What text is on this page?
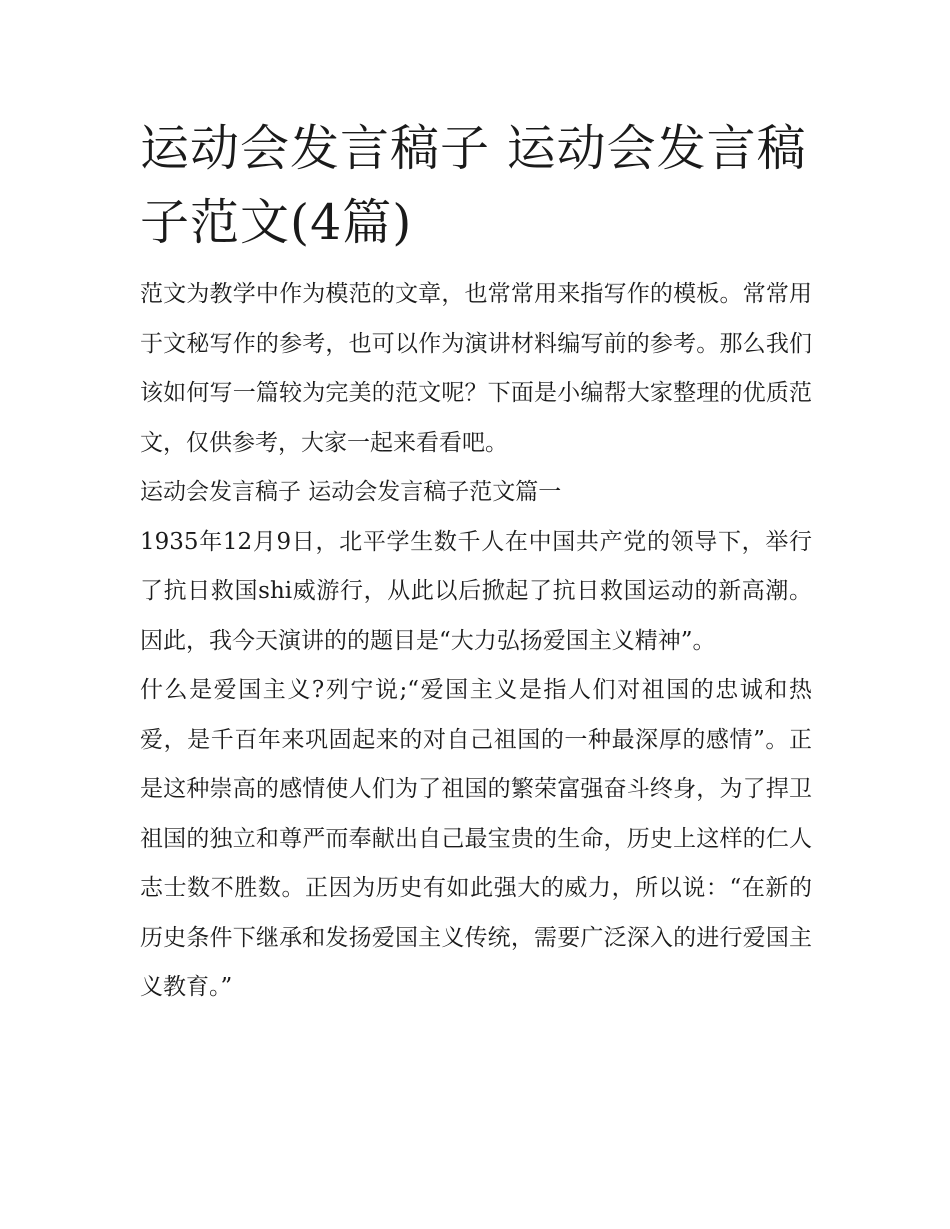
运动会发言稿子 运动会发言稿子范文(4篇)

范文为教学中作为模范的文章，也常常用来指写作的模板。常常用于文秘写作的参考，也可以作为演讲材料编写前的参考。那么我们该如何写一篇较为完美的范文呢？下面是小编帮大家整理的优质范文，仅供参考，大家一起来看看吧。

运动会发言稿子 运动会发言稿子范文篇一

1935年12月9日，北平学生数千人在中国共产党的领导下，举行了抗日救国shi威游行，从此以后掀起了抗日救国运动的新高潮。因此，我今天演讲的的题目是“大力弘扬爱国主义精神”。

什么是爱国主义?列宁说;“爱国主义是指人们对祖国的忠诚和热爱，是千百年来巩固起来的对自己祖国的一种最深厚的感情”。正是这种崇高的感情使人们为了祖国的繁荣富强奋斗终身，为了捍卫祖国的独立和尊严而奉献出自己最宝贵的生命，历史上这样的仁人志士数不胜数。正因为历史有如此强大的威力，所以说：“在新的历史条件下继承和发扬爱国主义传统，需要广泛深入的进行爱国主义教育。”
